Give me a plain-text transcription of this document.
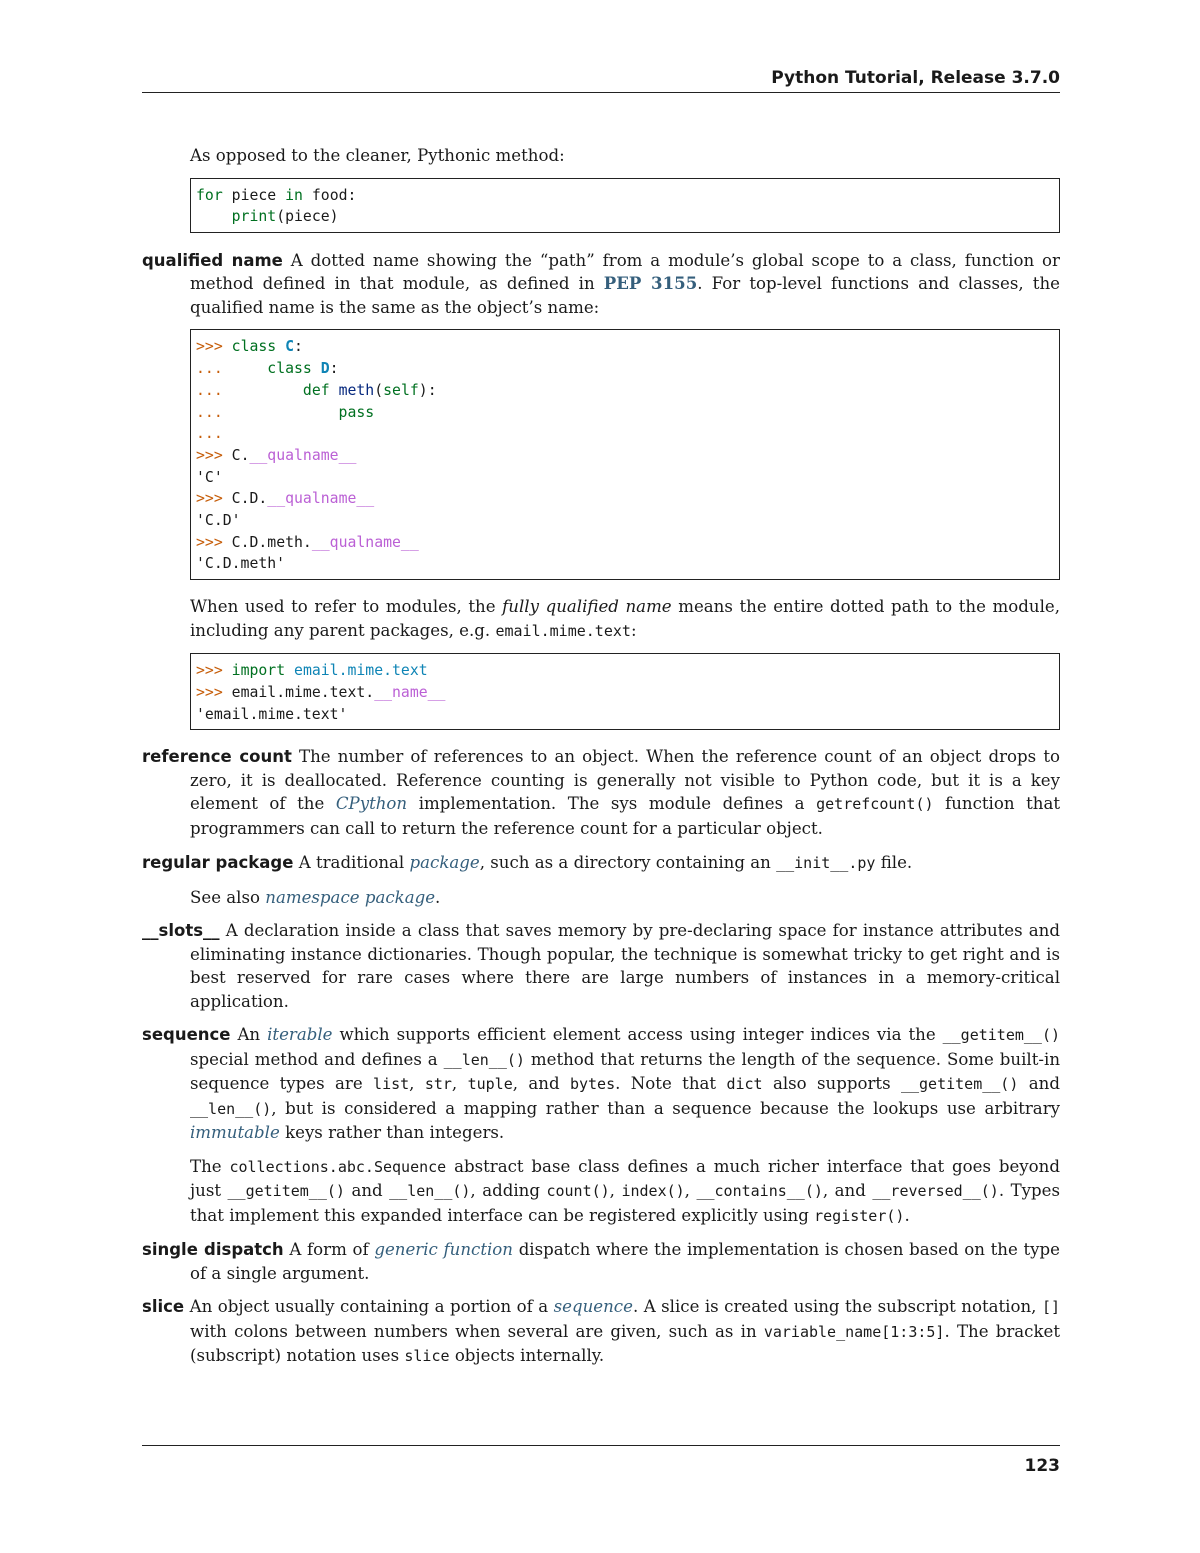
Python Tutorial, Release 3.7.0

As opposed to the cleaner, Pythonic method:

for piece in food:
print(piece)

qualified name A dotted name showing the “path” from a module’s global scope to a class, function or method defined in that module, as defined in PEP 3155. For top-level functions and classes, the qualified name is the same as the object’s name:

>>> class C:
...	class D:
...	def meth(self):
...	pass
...
>>> C.__qualname__
'C'
>>> C.D.__qualname__
'C.D'
>>> C.D.meth.__qualname__
'C.D.meth'

When used to refer to modules, the fully qualified name means the entire dotted path to the module, including any parent packages, e.g. email.mime.text:

>>> import email.mime.text
>>> email.mime.text.__name__
'email.mime.text'

reference count The number of references to an object. When the reference count of an object drops to zero, it is deallocated. Reference counting is generally not visible to Python code, but it is a key element of the CPython implementation. The sys module defines a getrefcount() function that programmers can call to return the reference count for a particular object.

regular package A traditional package, such as a directory containing an __init__.py file.

See also namespace package.

__slots__ A declaration inside a class that saves memory by pre-declaring space for instance attributes and eliminating instance dictionaries. Though popular, the technique is somewhat tricky to get right and is best reserved for rare cases where there are large numbers of instances in a memory-critical application.

sequence An iterable which supports efficient element access using integer indices via the __getitem__() special method and defines a __len__() method that returns the length of the sequence. Some built-in sequence types are list, str, tuple, and bytes. Note that dict also supports __getitem__() and __len__(), but is considered a mapping rather than a sequence because the lookups use arbitrary immutable keys rather than integers.

The collections.abc.Sequence abstract base class defines a much richer interface that goes beyond just __getitem__() and __len__(), adding count(), index(), __contains__(), and __reversed__(). Types that implement this expanded interface can be registered explicitly using register().

single dispatch A form of generic function dispatch where the implementation is chosen based on the type of a single argument.

slice An object usually containing a portion of a sequence. A slice is created using the subscript notation, [] with colons between numbers when several are given, such as in variable_name[1:3:5]. The bracket (subscript) notation uses slice objects internally.

123
